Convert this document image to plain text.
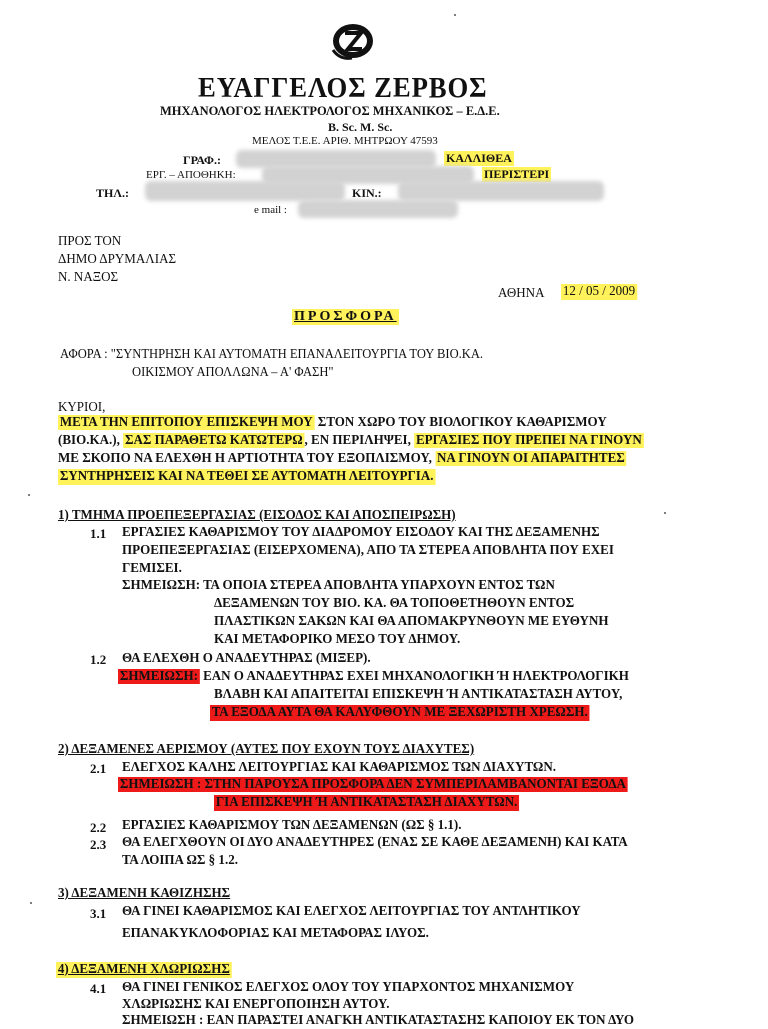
ΕΥΑΓΓΕΛΟΣ ΖΕΡΒΟΣ
ΜΗΧΑΝΟΛΟΓΟΣ ΗΛΕΚΤΡΟΛΟΓΟΣ ΜΗΧΑΝΙΚΟΣ – Ε.Δ.Ε.
B. Sc. M. Sc.
ΜΕΛΟΣ Τ.Ε.Ε. ΑΡΙΘ. ΜΗΤΡΩΟΥ 47593
ΓΡΑΦ.:	ΚΑΛΛΙΘΕΑ
ΕΡΓ. – ΑΠΟΘΗΚΗ:	ΠΕΡΙΣΤΕΡΙ
ΤΗΛ.:	ΚΙΝ.:
e mail :
ΠΡΟΣ ΤΟΝ
ΔΗΜΟ ΔΡΥΜΑΛΙΑΣ
Ν. ΝΑΞΟΣ
ΑΘΗΝΑ 12 / 05 / 2009
ΠΡΟΣΦΟΡΑ
ΑΦΟΡΑ : "ΣΥΝΤΗΡΗΣΗ ΚΑΙ ΑΥΤΟΜΑΤΗ ΕΠΑΝΑΛΕΙΤΟΥΡΓΙΑ ΤΟΥ ΒΙΟ.ΚΑ.
ΟΙΚΙΣΜΟΥ ΑΠΟΛΛΩΝΑ – Α' ΦΑΣΗ"
ΚΥΡΙΟΙ,
ΜΕΤΑ ΤΗΝ ΕΠΙΤΟΠΟΥ ΕΠΙΣΚΕΨΗ ΜΟΥ ΣΤΟΝ ΧΩΡΟ ΤΟΥ ΒΙΟΛΟΓΙΚΟΥ ΚΑΘΑΡΙΣΜΟΥ
(ΒΙΟ.ΚΑ.), ΣΑΣ ΠΑΡΑΘΕΤΩ ΚΑΤΩΤΕΡΩ , ΕΝ ΠΕΡΙΛΗΨΕΙ, ΕΡΓΑΣΙΕΣ ΠΟΥ ΠΡΕΠΕΙ ΝΑ ΓΙΝΟΥΝ
ΜΕ ΣΚΟΠΟ ΝΑ ΕΛΕΧΘΗ Η ΑΡΤΙΟΤΗΤΑ ΤΟΥ ΕΞΟΠΛΙΣΜΟΥ, ΝΑ ΓΙΝΟΥΝ ΟΙ ΑΠΑΡΑΙΤΗΤΕΣ
ΣΥΝΤΗΡΗΣΕΙΣ ΚΑΙ ΝΑ ΤΕΘΕΙ ΣΕ ΑΥΤΟΜΑΤΗ ΛΕΙΤΟΥΡΓΙΑ.
1) ΤΜΗΜΑ ΠΡΟΕΠΕΞΕΡΓΑΣΙΑΣ (ΕΙΣΟΔΟΣ ΚΑΙ ΑΠΟΣΠΕΙΡΩΣΗ)
1.1 ΕΡΓΑΣΙΕΣ ΚΑΘΑΡΙΣΜΟΥ ΤΟΥ ΔΙΑΔΡΟΜΟΥ ΕΙΣΟΔΟΥ ΚΑΙ ΤΗΣ ΔΕΞΑΜΕΝΗΣ
ΠΡΟΕΠΕΞΕΡΓΑΣΙΑΣ (ΕΙΣΕΡΧΟΜΕΝΑ), ΑΠΟ ΤΑ ΣΤΕΡΕΑ ΑΠΟΒΛΗΤΑ ΠΟΥ ΕΧΕΙ
ΓΕΜΙΣΕΙ.
ΣΗΜΕΙΩΣΗ: ΤΑ ΟΠΟΙΑ ΣΤΕΡΕΑ ΑΠΟΒΛΗΤΑ ΥΠΑΡΧΟΥΝ ΕΝΤΟΣ ΤΩΝ
ΔΕΞΑΜΕΝΩΝ ΤΟΥ ΒΙΟ. ΚΑ. ΘΑ ΤΟΠΟΘΕΤΗΘΟΥΝ ΕΝΤΟΣ
ΠΛΑΣΤΙΚΩΝ ΣΑΚΩΝ ΚΑΙ ΘΑ ΑΠΟΜΑΚΡΥΝΘΟΥΝ ΜΕ ΕΥΘΥΝΗ
ΚΑΙ ΜΕΤΑΦΟΡΙΚΟ ΜΕΣΟ ΤΟΥ ΔΗΜΟΥ.
1.2 ΘΑ ΕΛΕΧΘΗ Ο ΑΝΑΔΕΥΤΗΡΑΣ (ΜΙΞΕΡ).
ΣΗΜΕΙΩΣΗ: ΕΑΝ Ο ΑΝΑΔΕΥΤΗΡΑΣ ΕΧΕΙ ΜΗΧΑΝΟΛΟΓΙΚΗ Ή ΗΛΕΚΤΡΟΛΟΓΙΚΗ
ΒΛΑΒΗ ΚΑΙ ΑΠΑΙΤΕΙΤΑΙ ΕΠΙΣΚΕΨΗ Ή ΑΝΤΙΚΑΤΑΣΤΑΣΗ ΑΥΤΟΥ,
ΤΑ ΕΞΟΔΑ ΑΥΤΑ ΘΑ ΚΑΛΥΦΘΟΥΝ ΜΕ ΞΕΧΩΡΙΣΤΗ ΧΡΕΩΣΗ.
2) ΔΕΞΑΜΕΝΕΣ ΑΕΡΙΣΜΟΥ (ΑΥΤΕΣ ΠΟΥ ΕΧΟΥΝ ΤΟΥΣ ΔΙΑΧΥΤΕΣ)
2.1 ΕΛΕΓΧΟΣ ΚΑΛΗΣ ΛΕΙΤΟΥΡΓΙΑΣ ΚΑΙ ΚΑΘΑΡΙΣΜΟΣ ΤΩΝ ΔΙΑΧΥΤΩΝ.
ΣΗΜΕΙΩΣΗ : ΣΤΗΝ ΠΑΡΟΥΣΑ ΠΡΟΣΦΟΡΑ ΔΕΝ ΣΥΜΠΕΡΙΛΑΜΒΑΝΟΝΤΑΙ ΕΞΟΔΑ
ΓΙΑ ΕΠΙΣΚΕΨΗ Ή ΑΝΤΙΚΑΤΑΣΤΑΣΗ ΔΙΑΧΥΤΩΝ.
2.2 ΕΡΓΑΣΙΕΣ ΚΑΘΑΡΙΣΜΟΥ ΤΩΝ ΔΕΞΑΜΕΝΩΝ (ΩΣ § 1.1).
2.3 ΘΑ ΕΛΕΓΧΘΟΥΝ ΟΙ ΔΥΟ ΑΝΑΔΕΥΤΗΡΕΣ (ΕΝΑΣ ΣΕ ΚΑΘΕ ΔΕΞΑΜΕΝΗ) ΚΑΙ ΚΑΤΑ
ΤΑ ΛΟΙΠΑ ΩΣ § 1.2.
3) ΔΕΞΑΜΕΝΗ ΚΑΘΙΖΗΣΗΣ
3.1 ΘΑ ΓΙΝΕΙ ΚΑΘΑΡΙΣΜΟΣ ΚΑΙ ΕΛΕΓΧΟΣ ΛΕΙΤΟΥΡΓΙΑΣ ΤΟΥ ΑΝΤΛΗΤΙΚΟΥ
ΕΠΑΝΑΚΥΚΛΟΦΟΡΙΑΣ ΚΑΙ ΜΕΤΑΦΟΡΑΣ ΙΛΥΟΣ.
4) ΔΕΞΑΜΕΝΗ ΧΛΩΡΙΩΣΗΣ
4.1 ΘΑ ΓΙΝΕΙ ΓΕΝΙΚΟΣ ΕΛΕΓΧΟΣ ΟΛΟΥ ΤΟΥ ΥΠΑΡΧΟΝΤΟΣ ΜΗΧΑΝΙΣΜΟΥ
ΧΛΩΡΙΩΣΗΣ ΚΑΙ ΕΝΕΡΓΟΠΟΙΗΣΗ ΑΥΤΟΥ.
ΣΗΜΕΙΩΣΗ : ΕΑΝ ΠΑΡΑΣΤΕΙ ΑΝΑΓΚΗ ΑΝΤΙΚΑΤΑΣΤΑΣΗΣ ΚΑΠΟΙΟΥ ΕΚ ΤΟΝ ΔΥΟ
